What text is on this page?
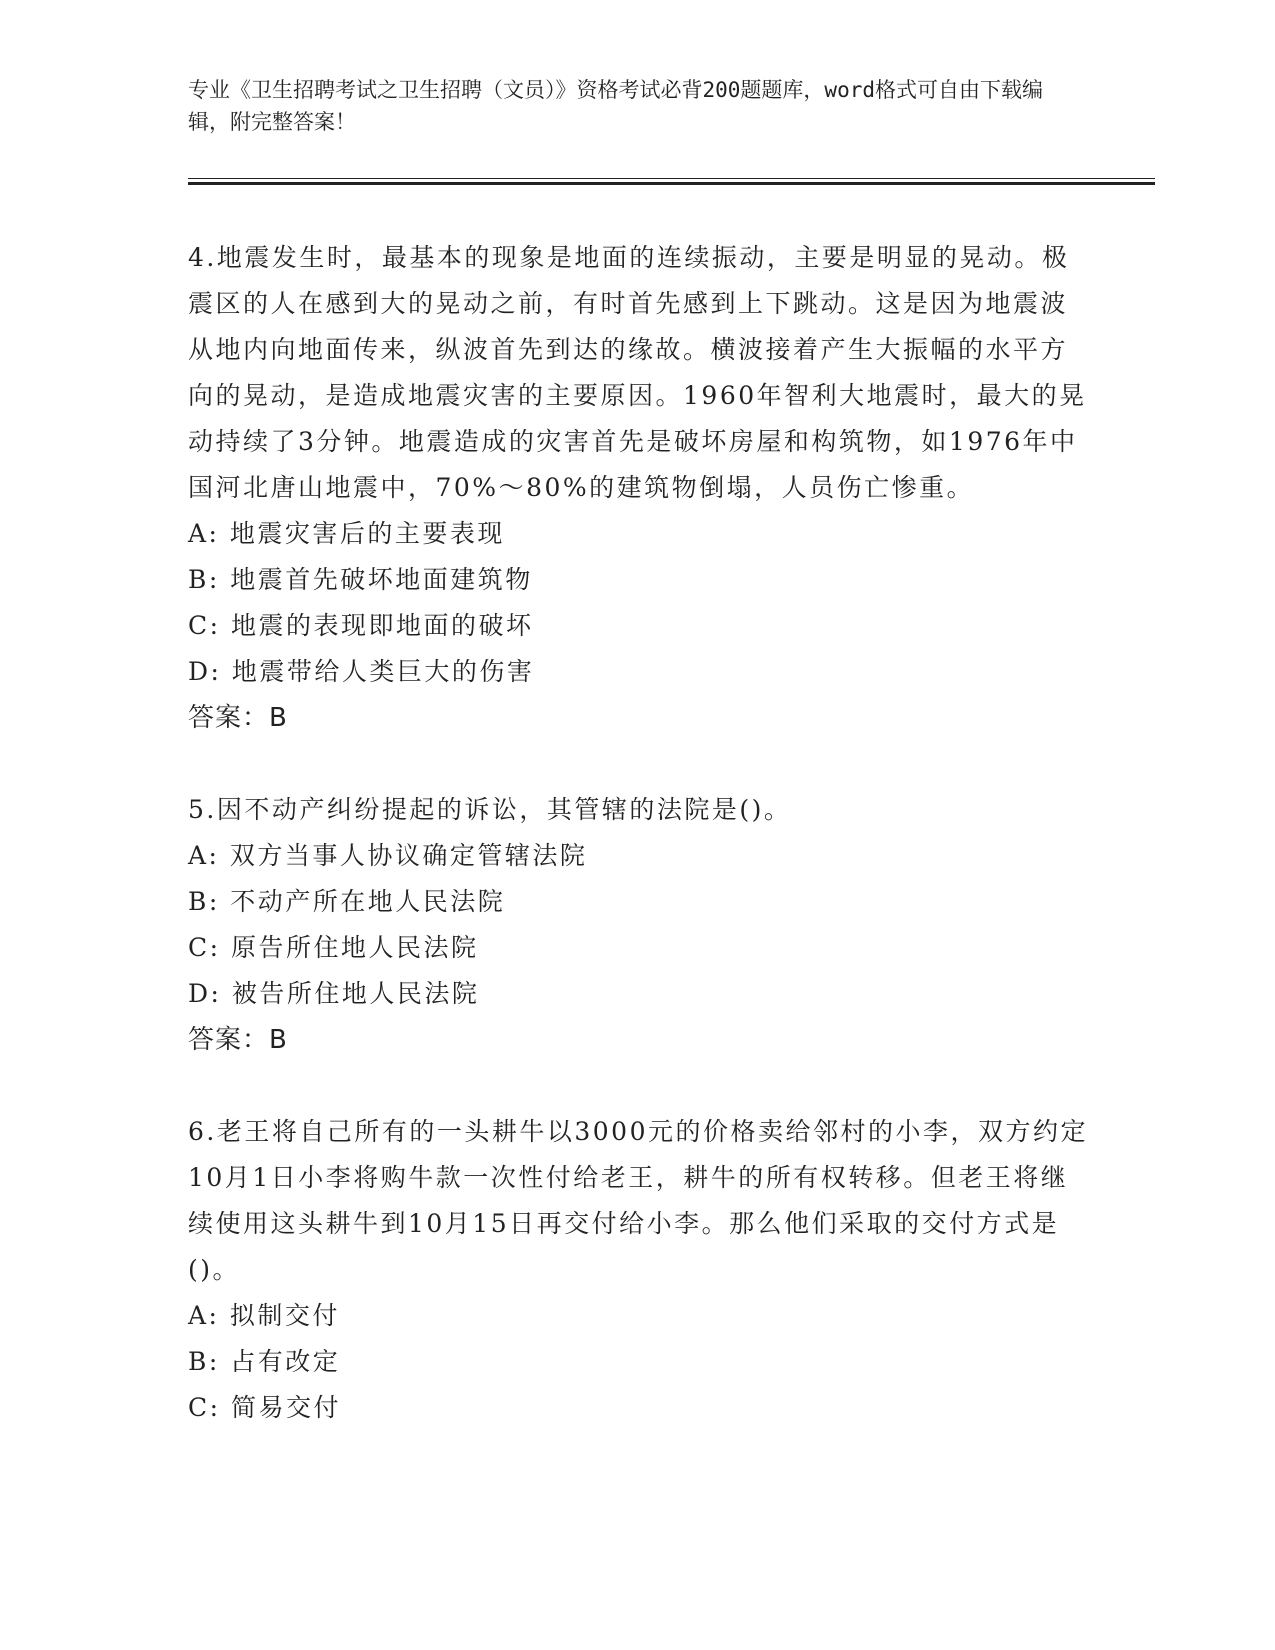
专业《卫生招聘考试之卫生招聘（文员）》资格考试必背200题题库，word格式可自由下载编辑，附完整答案！

4.地震发生时，最基本的现象是地面的连续振动，主要是明显的晃动。极震区的人在感到大的晃动之前，有时首先感到上下跳动。这是因为地震波从地内向地面传来，纵波首先到达的缘故。横波接着产生大振幅的水平方向的晃动，是造成地震灾害的主要原因。1960年智利大地震时，最大的晃动持续了3分钟。地震造成的灾害首先是破坏房屋和构筑物，如1976年中国河北唐山地震中，70%～80%的建筑物倒塌，人员伤亡惨重。

A: 地震灾害后的主要表现

B: 地震首先破坏地面建筑物

C: 地震的表现即地面的破坏

D: 地震带给人类巨大的伤害

答案：B

5.因不动产纠纷提起的诉讼，其管辖的法院是()。

A: 双方当事人协议确定管辖法院

B: 不动产所在地人民法院

C: 原告所住地人民法院

D: 被告所住地人民法院

答案：B

6.老王将自己所有的一头耕牛以3000元的价格卖给邻村的小李，双方约定10月1日小李将购牛款一次性付给老王，耕牛的所有权转移。但老王将继续使用这头耕牛到10月15日再交付给小李。那么他们采取的交付方式是()。

A: 拟制交付

B: 占有改定

C: 简易交付
